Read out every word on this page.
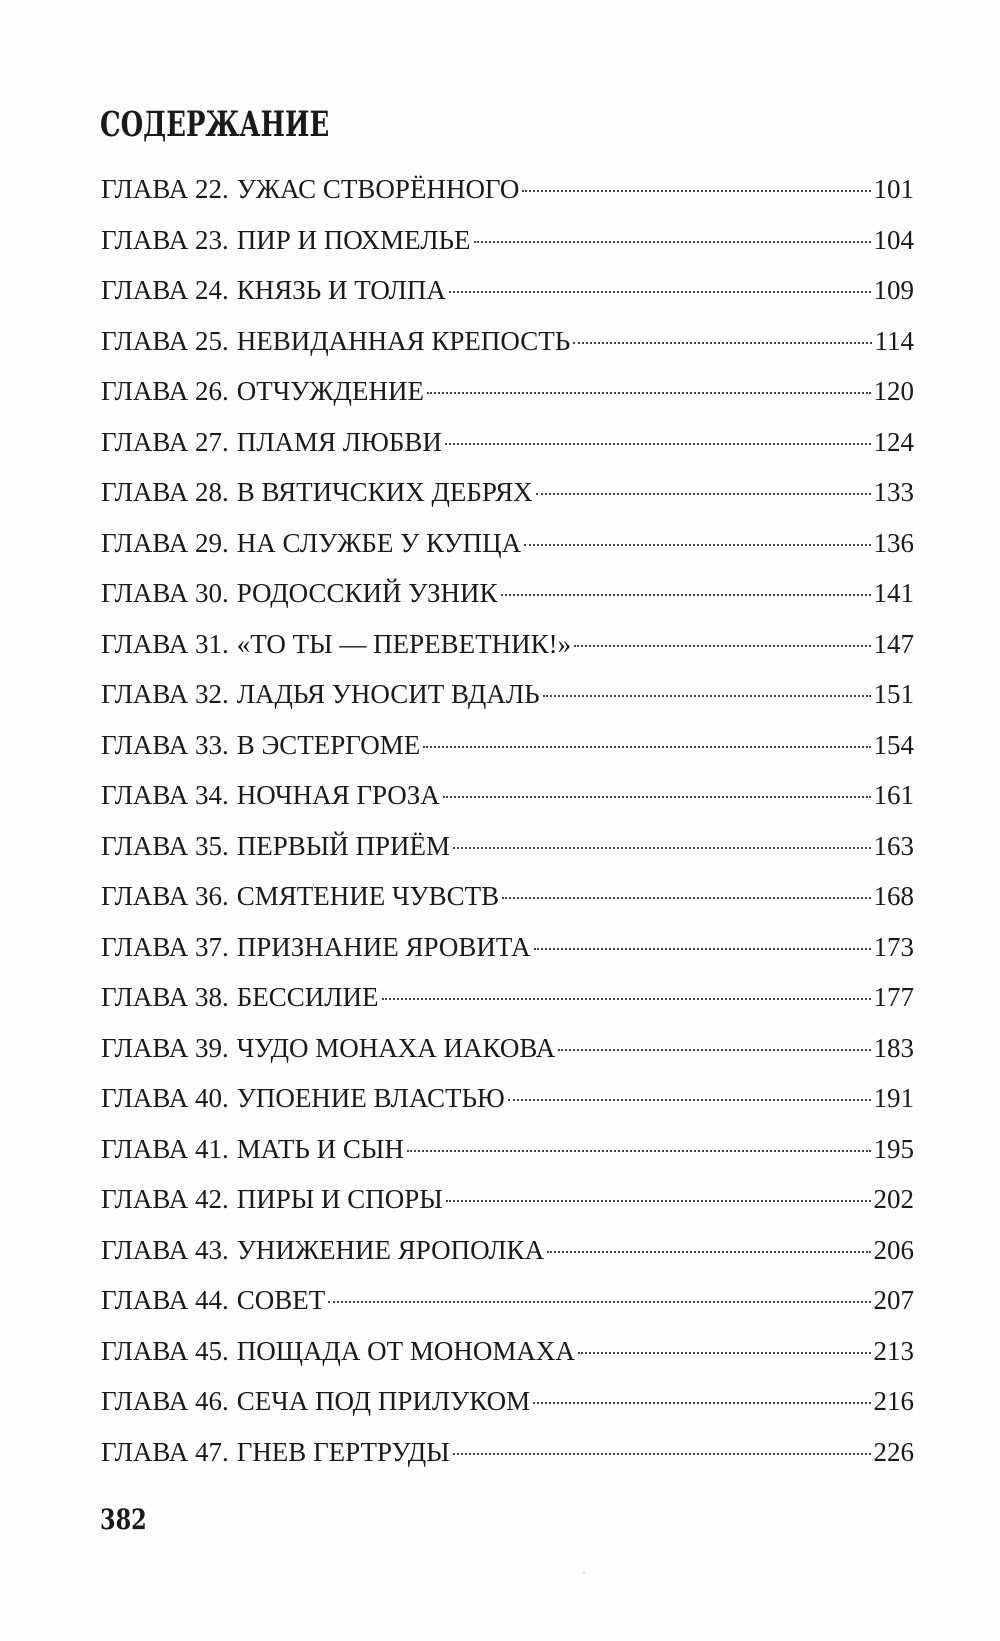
СОДЕРЖАНИЕ
ГЛАВА 22. УЖАС СТВОРЁННОГО	101
ГЛАВА 23. ПИР И ПОХМЕЛЬЕ	104
ГЛАВА 24. КНЯЗЬ И ТОЛПА	109
ГЛАВА 25. НЕВИДАННАЯ КРЕПОСТЬ	114
ГЛАВА 26. ОТЧУЖДЕНИЕ	120
ГЛАВА 27. ПЛАМЯ ЛЮБВИ	124
ГЛАВА 28. В ВЯТИЧСКИХ ДЕБРЯХ	133
ГЛАВА 29. НА СЛУЖБЕ У КУПЦА	136
ГЛАВА 30. РОДОССКИЙ УЗНИК	141
ГЛАВА 31. «ТО ТЫ — ПЕРЕВЕТНИК!»	147
ГЛАВА 32. ЛАДЬЯ УНОСИТ ВДАЛЬ	151
ГЛАВА 33. В ЭСТЕРГОМЕ	154
ГЛАВА 34. НОЧНАЯ ГРОЗА	161
ГЛАВА 35. ПЕРВЫЙ ПРИЁМ	163
ГЛАВА 36. СМЯТЕНИЕ ЧУВСТВ	168
ГЛАВА 37. ПРИЗНАНИЕ ЯРОВИТА	173
ГЛАВА 38. БЕССИЛИЕ	177
ГЛАВА 39. ЧУДО МОНАХА ИАКОВА	183
ГЛАВА 40. УПОЕНИЕ ВЛАСТЬЮ	191
ГЛАВА 41. МАТЬ И СЫН	195
ГЛАВА 42. ПИРЫ И СПОРЫ	202
ГЛАВА 43. УНИЖЕНИЕ ЯРОПОЛКА	206
ГЛАВА 44. СОВЕТ	207
ГЛАВА 45. ПОЩАДА ОТ МОНОМАХА	213
ГЛАВА 46. СЕЧА ПОД ПРИЛУКОМ	216
ГЛАВА 47. ГНЕВ ГЕРТРУДЫ	226
382
